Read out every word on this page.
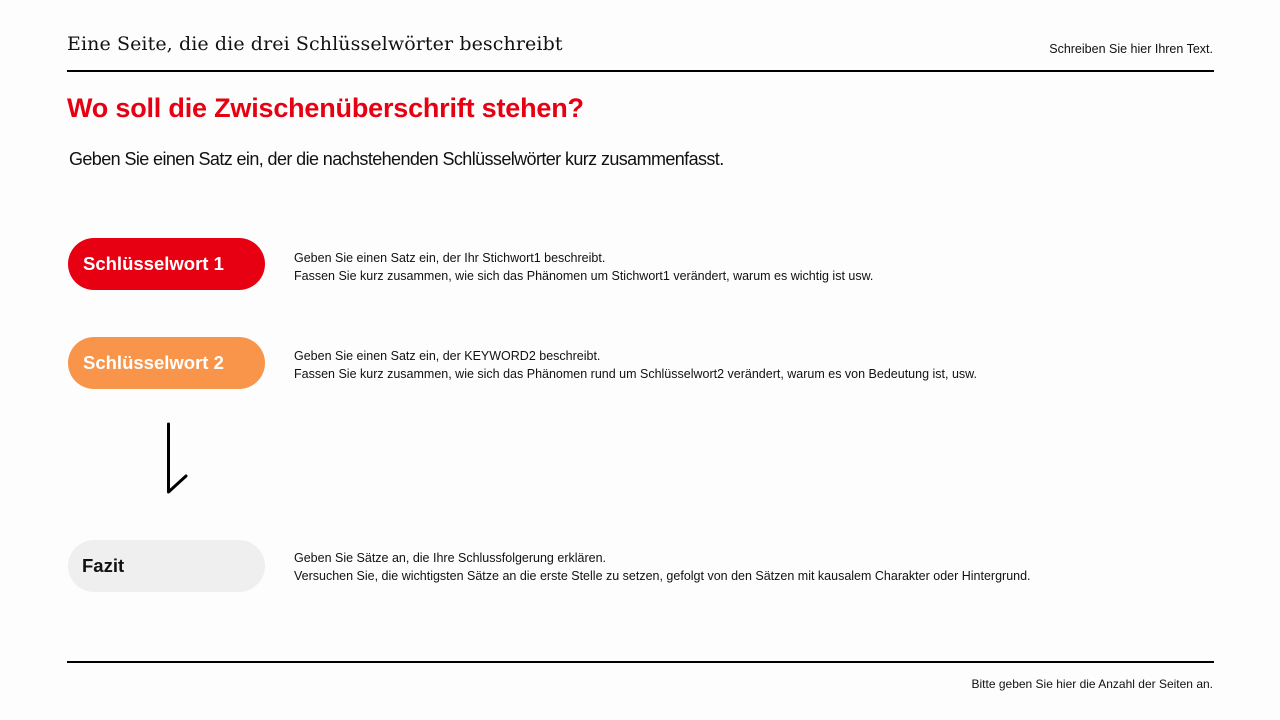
Eine Seite, die die drei Schlüsselwörter beschreibt	Schreiben Sie hier Ihren Text.
Wo soll die Zwischenüberschrift stehen?
Geben Sie einen Satz ein, der die nachstehenden Schlüsselwörter kurz zusammenfasst.
Schlüsselwort 1	Geben Sie einen Satz ein, der Ihr Stichwort1 beschreibt.
Fassen Sie kurz zusammen, wie sich das Phänomen um Stichwort1 verändert, warum es wichtig ist usw.
Schlüsselwort 2	Geben Sie einen Satz ein, der KEYWORD2 beschreibt.
Fassen Sie kurz zusammen, wie sich das Phänomen rund um Schlüsselwort2 verändert, warum es von Bedeutung ist, usw.
Fazit	Geben Sie Sätze an, die Ihre Schlussfolgerung erklären.
Versuchen Sie, die wichtigsten Sätze an die erste Stelle zu setzen, gefolgt von den Sätzen mit kausalem Charakter oder Hintergrund.
Bitte geben Sie hier die Anzahl der Seiten an.
